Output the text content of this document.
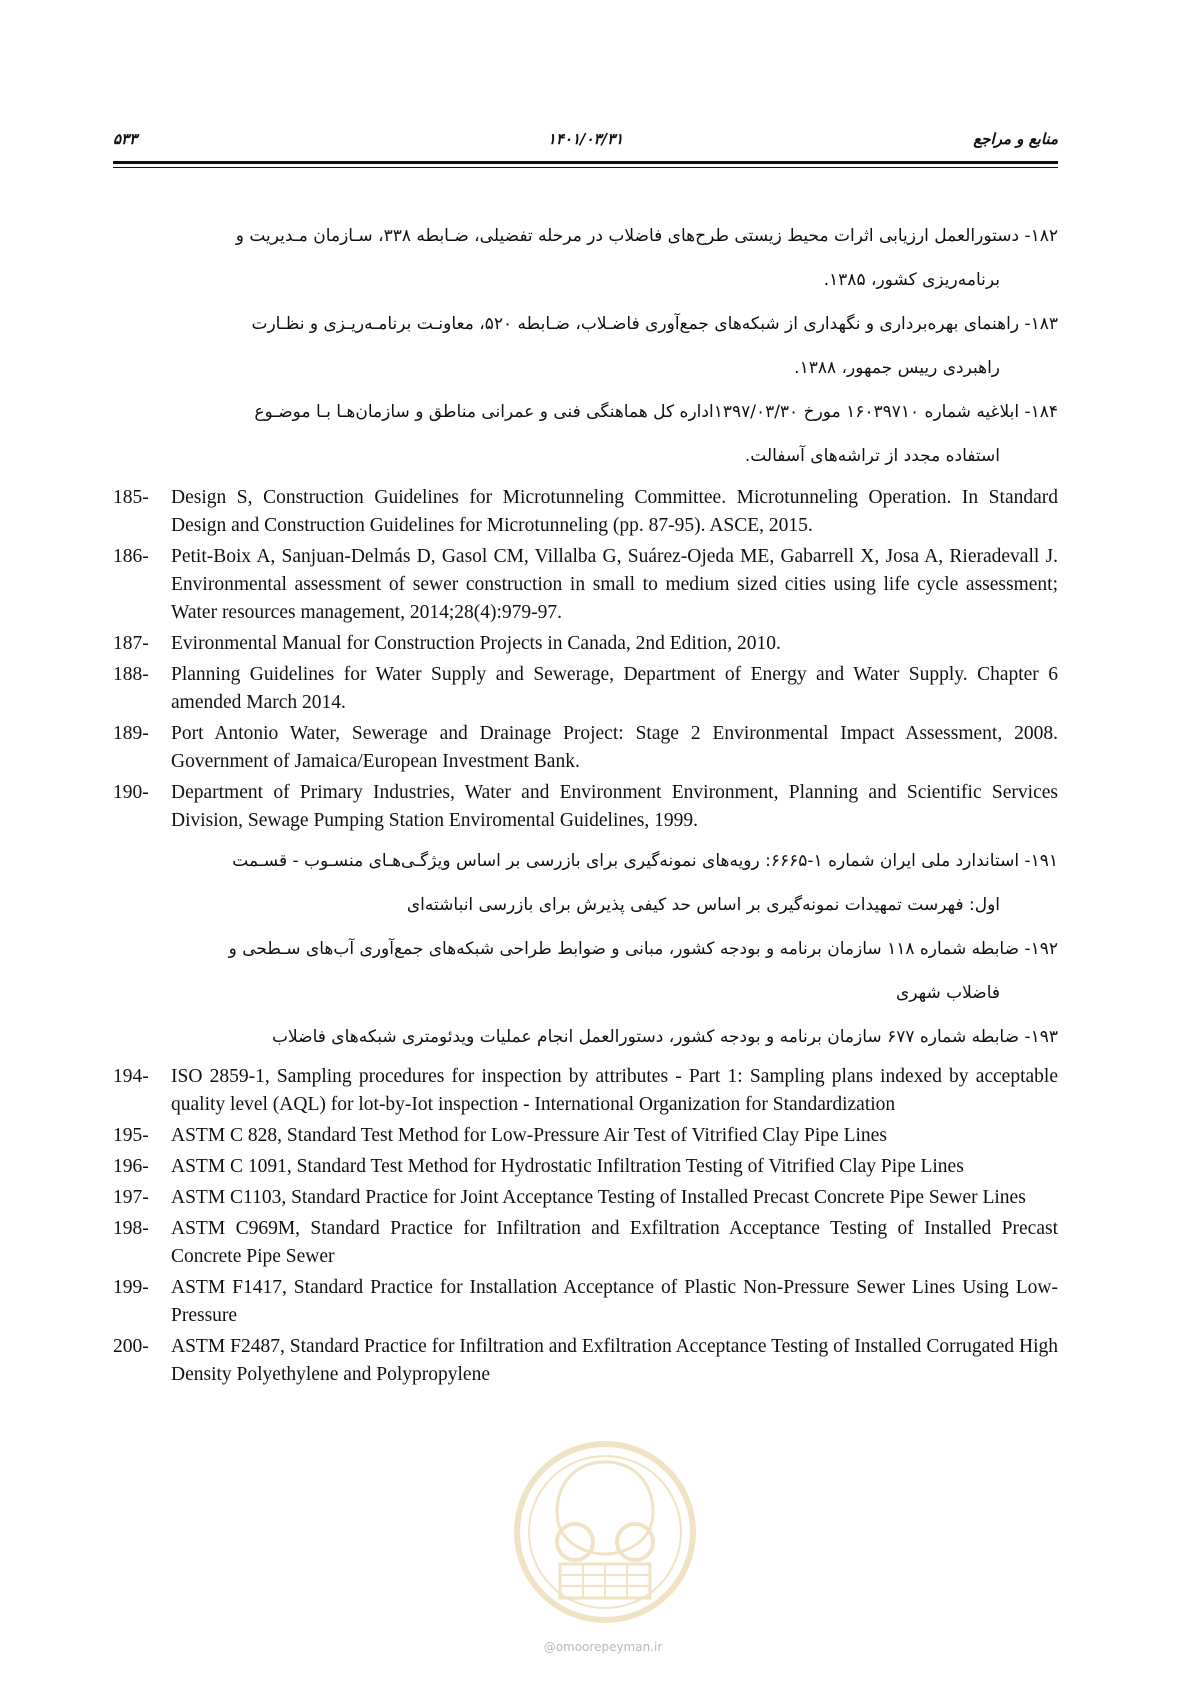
منابع و مراجع
۱۴۰۱/۰۳/۳۱
۵۳۳
۱۸۲- دستورالعمل ارزیابی اثرات محیط زیستی طرح‌های فاضلاب در مرحله تفضیلی، ضـابطه ۳۳۸، سـازمان مـدیریت و
برنامه‌ریزی کشور، ۱۳۸۵.
۱۸۳- راهنمای بهره‌برداری و نگهداری از شبکه‌های جمع‌آوری فاضـلاب، ضـابطه ۵۲۰، معاونـت برنامـه‌ریـزی و نظـارت
راهبردی رییس جمهور، ۱۳۸۸.
۱۸۴- ابلاغیه شماره ۱۶۰۳۹۷۱۰ مورخ ۱۳۹۷/۰۳/۳۰اداره کل هماهنگی فنی و عمرانی مناطق و سازمان‌هـا بـا موضـوع
استفاده مجدد از تراشه‌های آسفالت.
185-	Design S, Construction Guidelines for Microtunneling Committee. Microtunneling Operation. In Standard Design and Construction Guidelines for Microtunneling (pp. 87-95). ASCE, 2015.
186-	Petit-Boix A, Sanjuan-Delmás D, Gasol CM, Villalba G, Suárez-Ojeda ME, Gabarrell X, Josa A, Rieradevall J. Environmental assessment of sewer construction in small to medium sized cities using life cycle assessment; Water resources management, 2014;28(4):979-97.
187-	Evironmental Manual for Construction Projects in Canada, 2nd Edition, 2010.
188-	Planning Guidelines for Water Supply and Sewerage, Department of Energy and Water Supply. Chapter 6 amended March 2014.
189-	Port Antonio Water, Sewerage and Drainage Project: Stage 2 Environmental Impact Assessment, 2008. Government of Jamaica/European Investment Bank.
190-	Department of Primary Industries, Water and Environment Environment, Planning and Scientific Services Division, Sewage Pumping Station Enviromental Guidelines, 1999.
۱۹۱- استاندارد ملی ایران شماره ۱-۶۶۶۵: رویه‌های نمونه‌گیری برای بازرسی بر اساس ویژگـی‌هـای منسـوب - قسـمت
اول: فهرست تمهیدات نمونه‌گیری بر اساس حد کیفی پذیرش برای بازرسی انباشته‌ای
۱۹۲- ضابطه شماره ۱۱۸ سازمان برنامه و بودجه کشور، مبانی و ضوابط طراحی شبکه‌های جمع‌آوری آب‌های سـطحی و
فاضلاب شهری
۱۹۳- ضابطه شماره ۶۷۷ سازمان برنامه و بودجه کشور، دستورالعمل انجام عملیات ویدئومتری شبکه‌های فاضلاب
194-	ISO 2859-1, Sampling procedures for inspection by attributes - Part 1: Sampling plans indexed by acceptable quality level (AQL) for lot-by-Iot inspection - International Organization for Standardization
195-	ASTM C 828, Standard Test Method for Low-Pressure Air Test of Vitrified Clay Pipe Lines
196-	ASTM C 1091, Standard Test Method for Hydrostatic Infiltration Testing of Vitrified Clay Pipe Lines
197-	ASTM C1103, Standard Practice for Joint Acceptance Testing of Installed Precast Concrete Pipe Sewer Lines
198-	ASTM C969M, Standard Practice for Infiltration and Exfiltration Acceptance Testing of Installed Precast Concrete Pipe Sewer
199-	ASTM F1417, Standard Practice for Installation Acceptance of Plastic Non-Pressure Sewer Lines Using Low-Pressure
200-	ASTM F2487, Standard Practice for Infiltration and Exfiltration Acceptance Testing of Installed Corrugated High Density Polyethylene and Polypropylene
@omoorepeyman.ir
